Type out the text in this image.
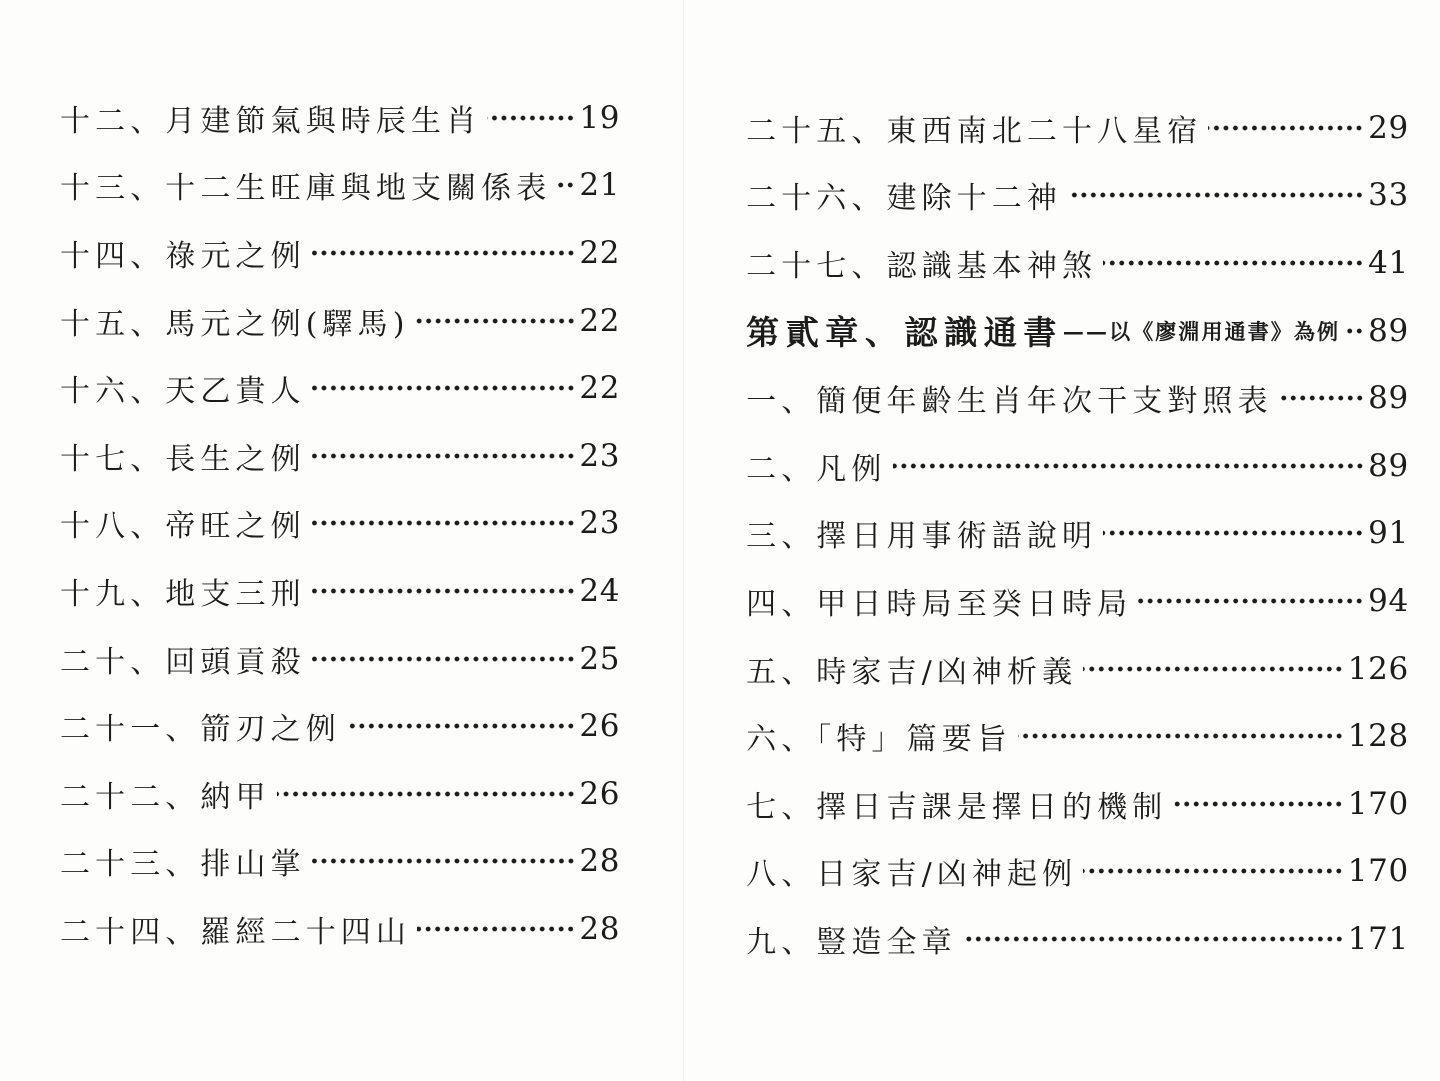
十二、月建節氣與時辰生肖	19
十三、十二生旺庫與地支關係表 21
十四、祿元之例	22
十五、馬元之例(驛馬)	22
十六、天乙貴人	22
十七、長生之例	23
十八、帝旺之例	23
十九、地支三刑	24
二十、回頭貢殺	25
二十一、箭刃之例	26
二十二、納甲	26
二十三、排山掌	28
二十四、羅經二十四山	28
二十五、東西南北二十八星宿	29
二十六、建除十二神	33
二十七、認識基本神煞	41
第貳章、認識通書 ——以《廖淵用通書》為例 89
一、簡便年齡生肖年次干支對照表	89
二、凡例	89
三、擇日用事術語說明	91
四、甲日時局至癸日時局	94
五、時家吉/凶神析義	126
六、「特」篇要旨	128
七、擇日吉課是擇日的機制	170
八、日家吉/凶神起例	170
九、豎造全章	171
